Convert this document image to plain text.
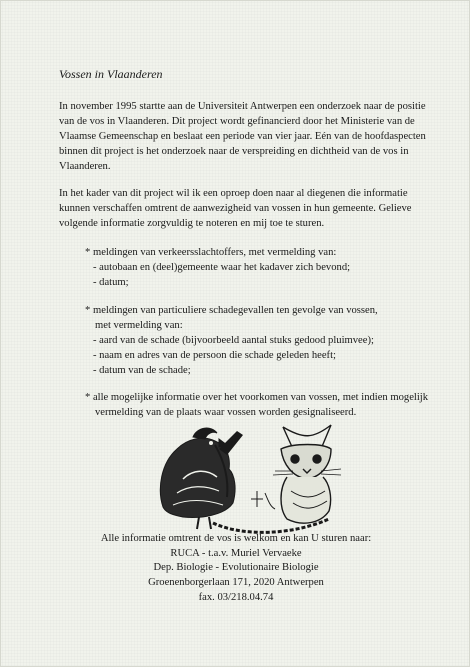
Vossen in Vlaanderen

In november 1995 startte aan de Universiteit Antwerpen een onderzoek naar de positie van de vos in Vlaanderen. Dit project wordt gefinancierd door het Ministerie van de Vlaamse Gemeenschap en beslaat een periode van vier jaar. Eén van de hoofdaspecten binnen dit project is het onderzoek naar de verspreiding en dichtheid van de vos in Vlaanderen.

In het kader van dit project wil ik een oproep doen naar al diegenen die informatie kunnen verschaffen omtrent de aanwezigheid van vossen in hun gemeente. Gelieve volgende informatie zorgvuldig te noteren en mij toe te sturen.

* meldingen van verkeersslachtoffers, met vermelding van:
- autobaan en (deel)gemeente waar het kadaver zich bevond;
- datum;
* meldingen van particuliere schadegevallen ten gevolge van vossen,
met vermelding van:
- aard van de schade (bijvoorbeeld aantal stuks gedood pluimvee);
- naam en adres van de persoon die schade geleden heeft;
- datum van de schade;
* alle mogelijke informatie over het voorkomen van vossen, met indien mogelijk
vermelding van de plaats waar vossen worden gesignaliseerd.
Alle informatie omtrent de vos is welkom en kan U sturen naar:
RUCA - t.a.v. Muriel Vervaeke
Dep. Biologie - Evolutionaire Biologie
Groenenborgerlaan 171, 2020 Antwerpen
fax. 03/218.04.74
